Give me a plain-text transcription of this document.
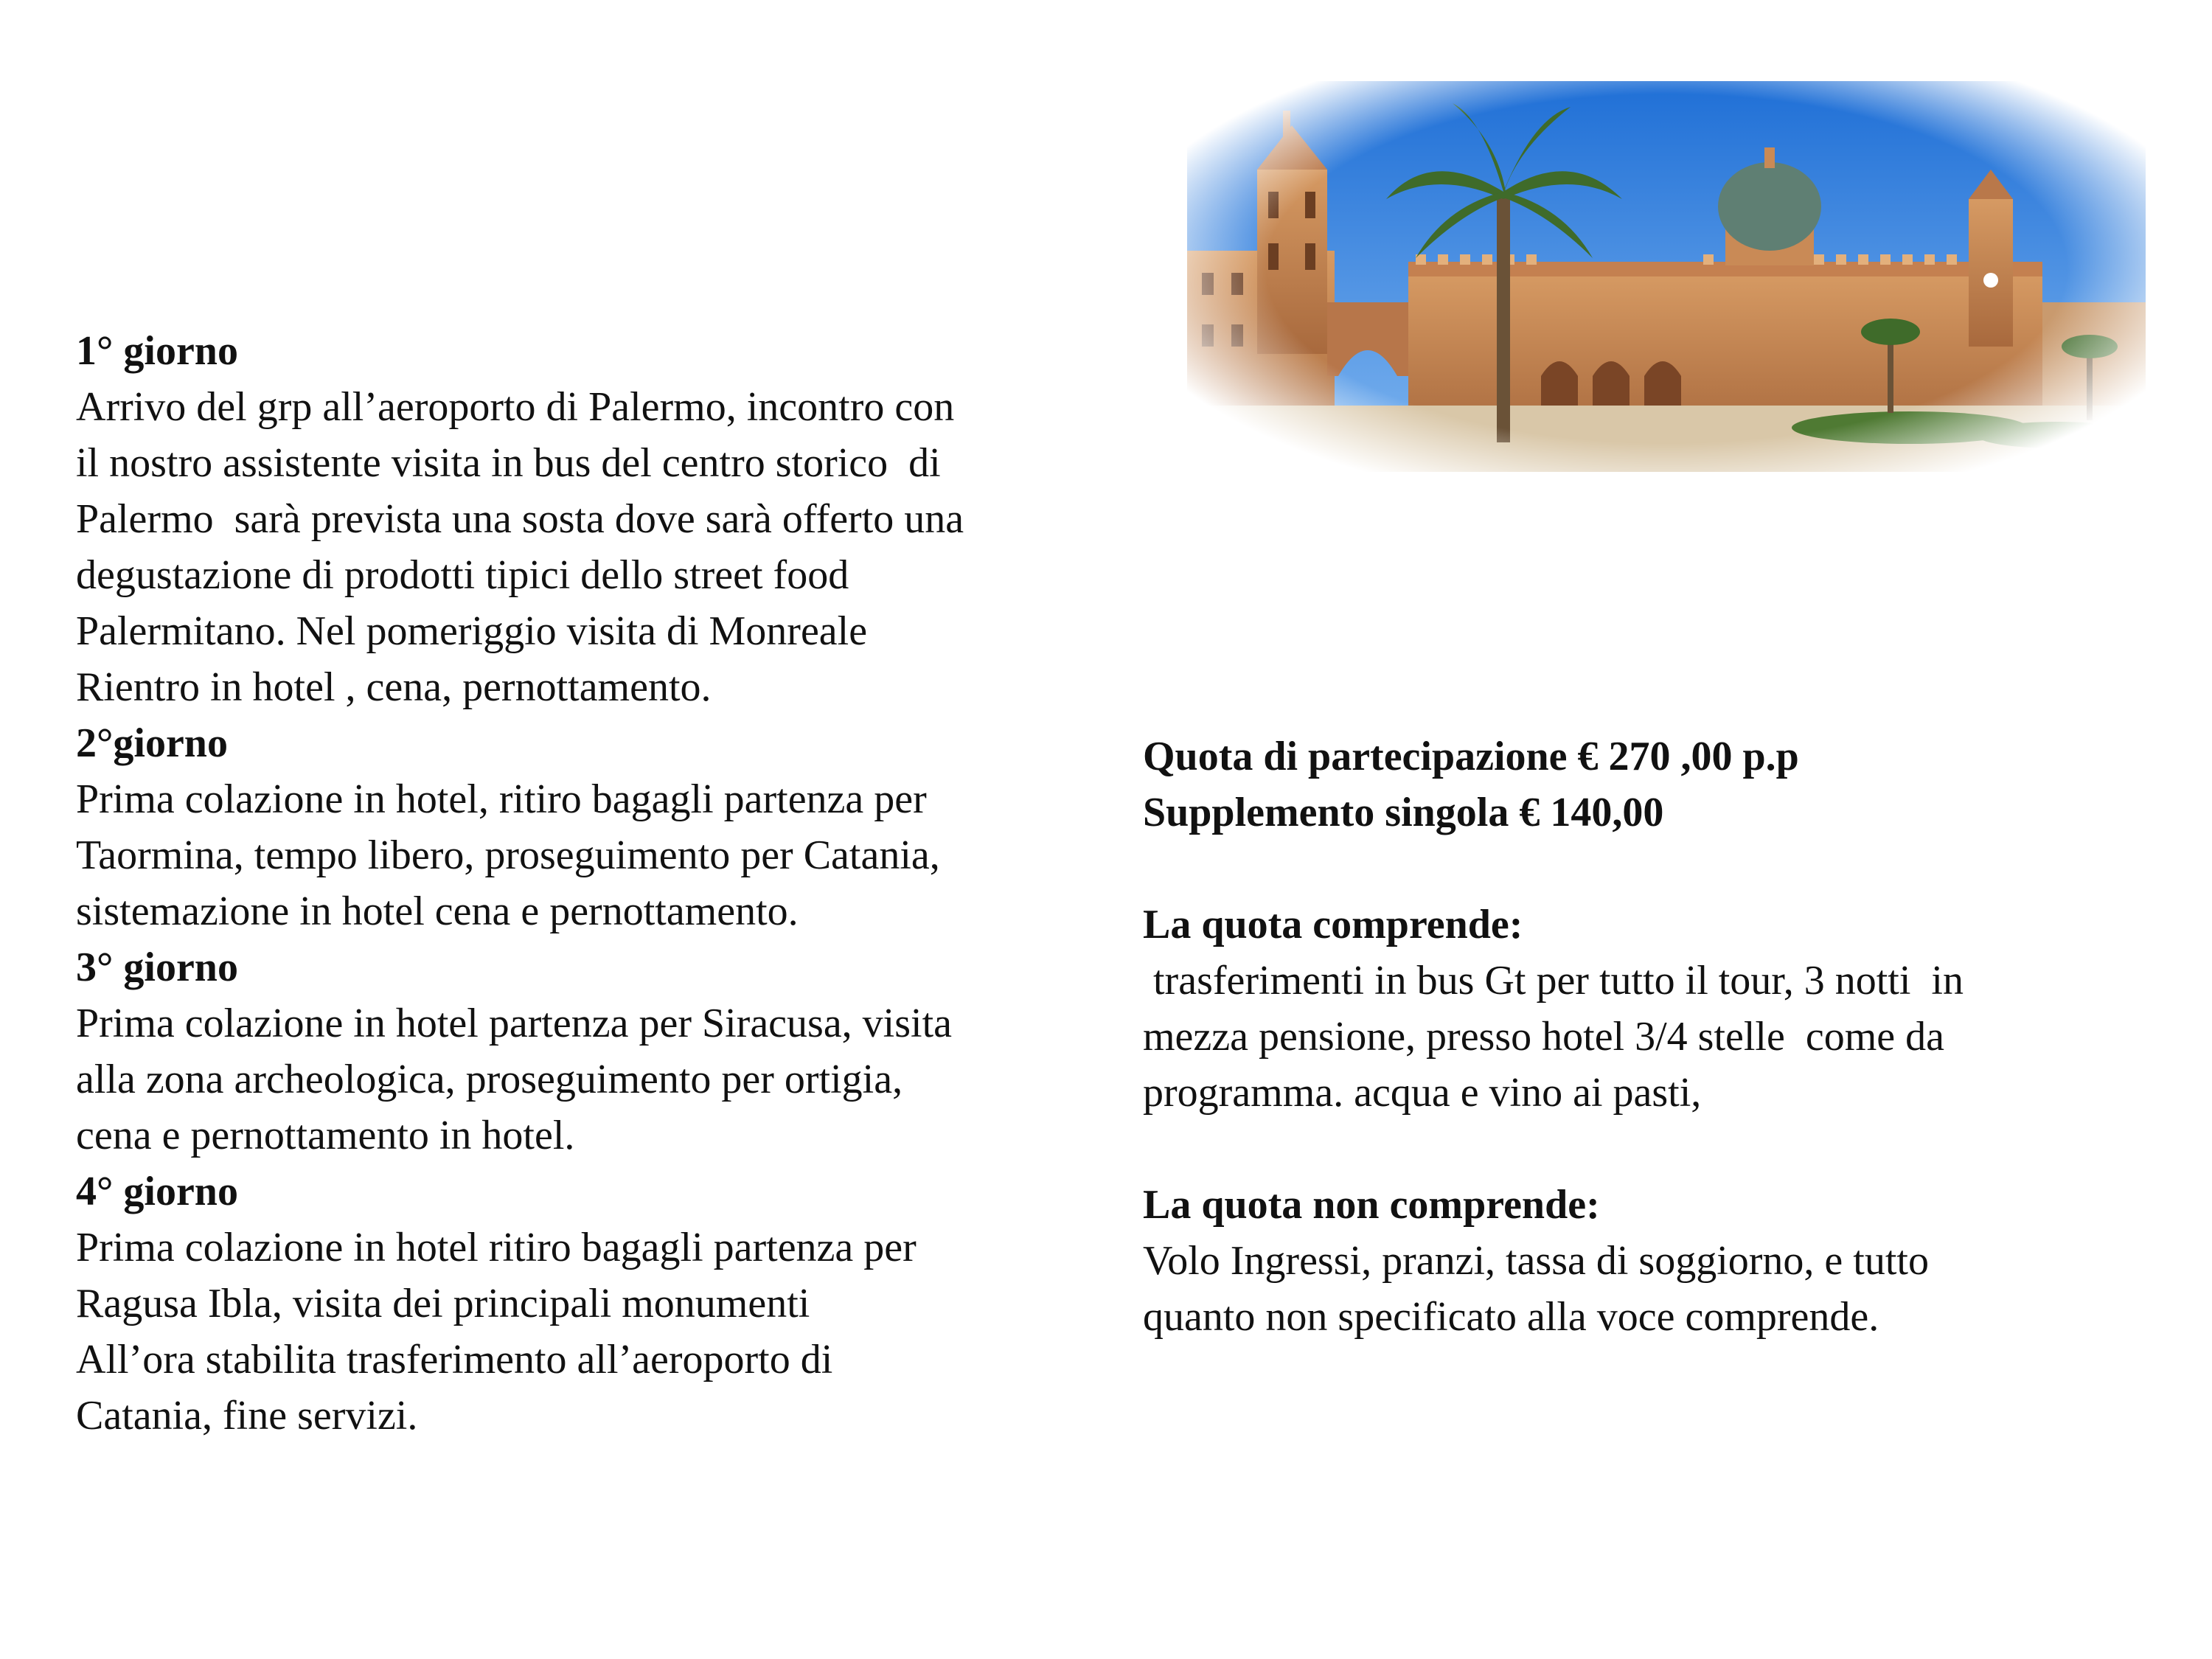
1° giorno
Arrivo del grp all’aeroporto di Palermo, incontro con
il nostro assistente visita in bus del centro storico  di
Palermo  sarà prevista una sosta dove sarà offerto una
degustazione di prodotti tipici dello street food
Palermitano. Nel pomeriggio visita di Monreale
Rientro in hotel , cena, pernottamento.

2°giorno
Prima colazione in hotel, ritiro bagagli partenza per
Taormina, tempo libero, proseguimento per Catania,
sistemazione in hotel cena e pernottamento.

3° giorno
Prima colazione in hotel partenza per Siracusa, visita
alla zona archeologica, proseguimento per ortigia,
cena e pernottamento in hotel.

4° giorno
Prima colazione in hotel ritiro bagagli partenza per
Ragusa Ibla, visita dei principali monumenti
All’ora stabilita trasferimento all’aeroporto di
Catania, fine servizi.

Quota di partecipazione € 270 ,00 p.p
Supplemento singola € 140,00
La quota comprende:
trasferimenti in bus Gt per tutto il tour, 3 notti  in
mezza pensione, presso hotel 3/4 stelle  come da
programma. acqua e vino ai pasti,
La quota non comprende:
Volo Ingressi, pranzi, tassa di soggiorno, e tutto
quanto non specificato alla voce comprende.
